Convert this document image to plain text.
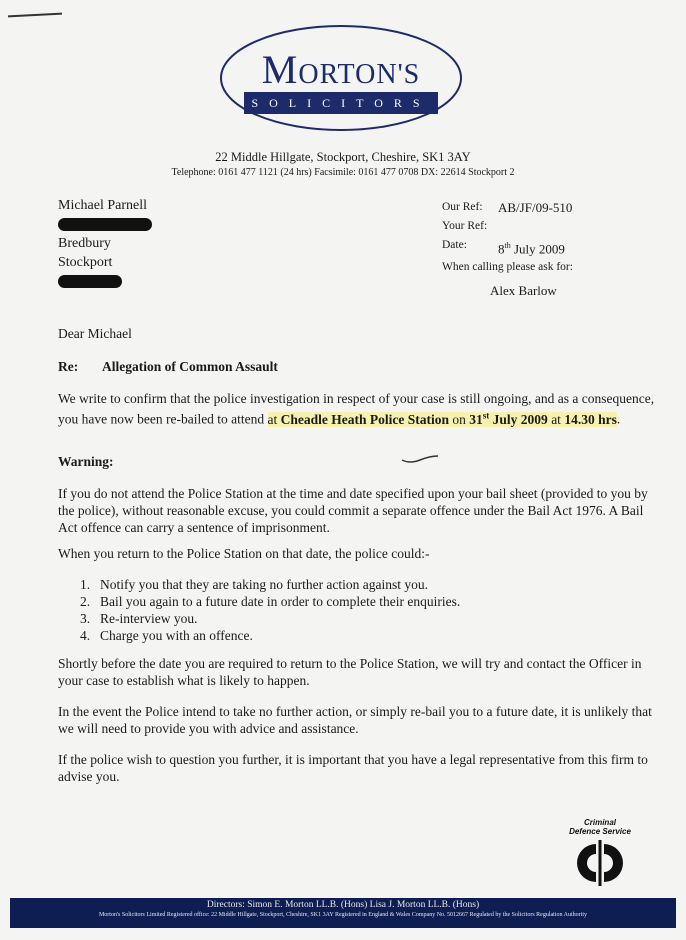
MORTON'S
SOLICITORS
22 Middle Hillgate, Stockport, Cheshire, SK1 3AY
Telephone: 0161 477 1121 (24 hrs) Facsimile: 0161 477 0708 DX: 22614 Stockport 2
Michael Parnell
Bredbury
Stockport
Our Ref:	AB/JF/09-510
Your Ref:
Date:	8th July 2009
When calling please ask for:
Alex Barlow
Dear Michael
Re: Allegation of Common Assault
We write to confirm that the police investigation in respect of your case is still ongoing, and as a consequence, you have now been re-bailed to attend at Cheadle Heath Police Station on 31st July 2009 at 14.30 hrs.
Warning:
If you do not attend the Police Station at the time and date specified upon your bail sheet (provided to you by the police), without reasonable excuse, you could commit a separate offence under the Bail Act 1976. A Bail Act offence can carry a sentence of imprisonment.
When you return to the Police Station on that date, the police could:-
1. Notify you that they are taking no further action against you.
2. Bail you again to a future date in order to complete their enquiries.
3. Re-interview you.
4. Charge you with an offence.
Shortly before the date you are required to return to the Police Station, we will try and contact the Officer in your case to establish what is likely to happen.
In the event the Police intend to take no further action, or simply re-bail you to a future date, it is unlikely that we will need to provide you with advice and assistance.
If the police wish to question you further, it is important that you have a legal representative from this firm to advise you.
Criminal
Defence Service
Directors: Simon E. Morton LL.B. (Hons) Lisa J. Morton LL.B. (Hons)
Morton's Solicitors Limited Registered office: 22 Middle Hillgate, Stockport, Cheshire, SK1 3AY Registered in England & Wales Company No. 5012667 Regulated by the Solicitors Regulation Authority
